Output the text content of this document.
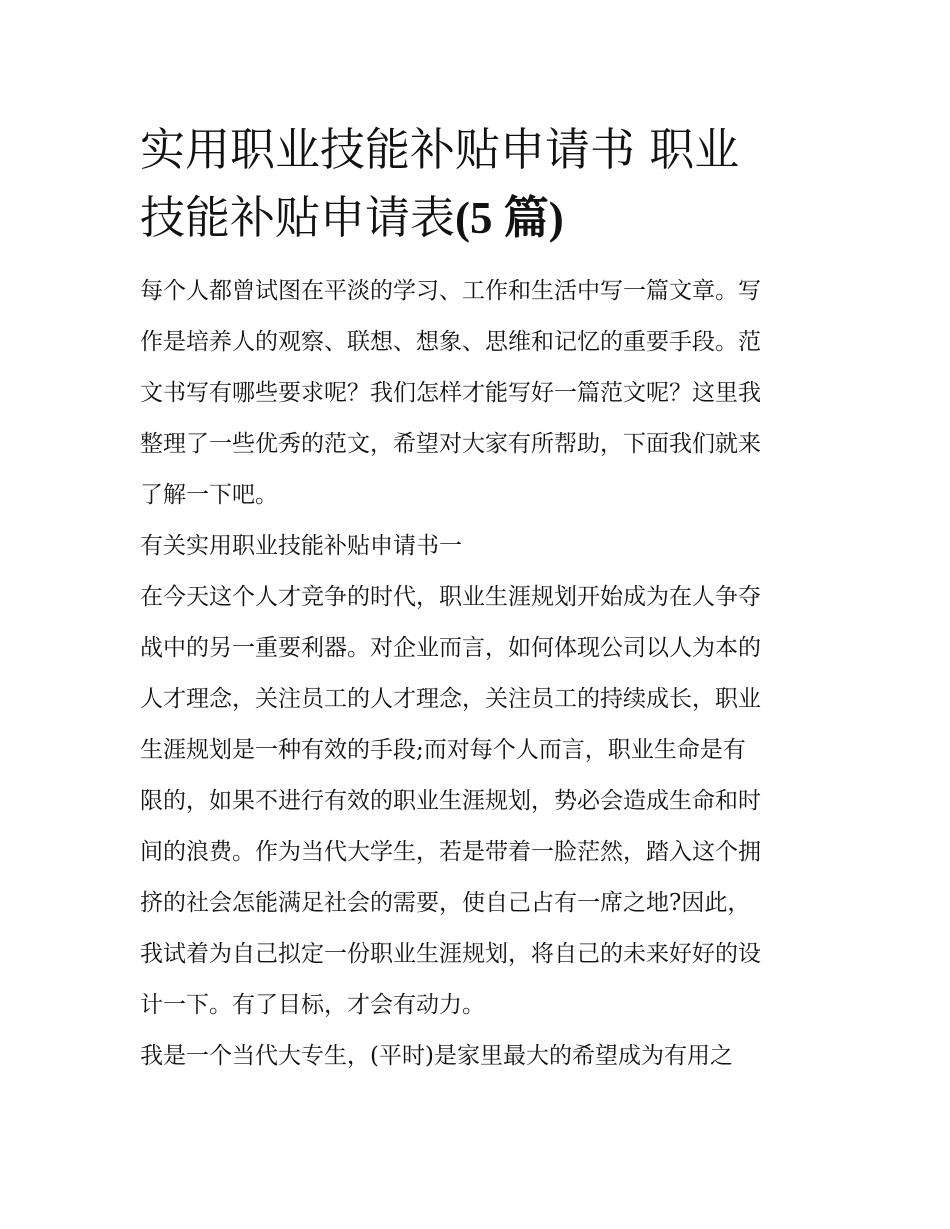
实用职业技能补贴申请书 职业
技能补贴申请表(5 篇)

每个人都曾试图在平淡的学习、工作和生活中写一篇文章。写
作是培养人的观察、联想、想象、思维和记忆的重要手段。范
文书写有哪些要求呢？我们怎样才能写好一篇范文呢？这里我
整理了一些优秀的范文，希望对大家有所帮助，下面我们就来
了解一下吧。

有关实用职业技能补贴申请书一

在今天这个人才竞争的时代，职业生涯规划开始成为在人争夺
战中的另一重要利器。对企业而言，如何体现公司以人为本的
人才理念，关注员工的人才理念，关注员工的持续成长，职业
生涯规划是一种有效的手段;而对每个人而言，职业生命是有
限的，如果不进行有效的职业生涯规划，势必会造成生命和时
间的浪费。作为当代大学生，若是带着一脸茫然，踏入这个拥
挤的社会怎能满足社会的需要，使自己占有一席之地?因此，
我试着为自己拟定一份职业生涯规划，将自己的未来好好的设
计一下。有了目标，才会有动力。

我是一个当代大专生，(平时)是家里最大的希望成为有用之
